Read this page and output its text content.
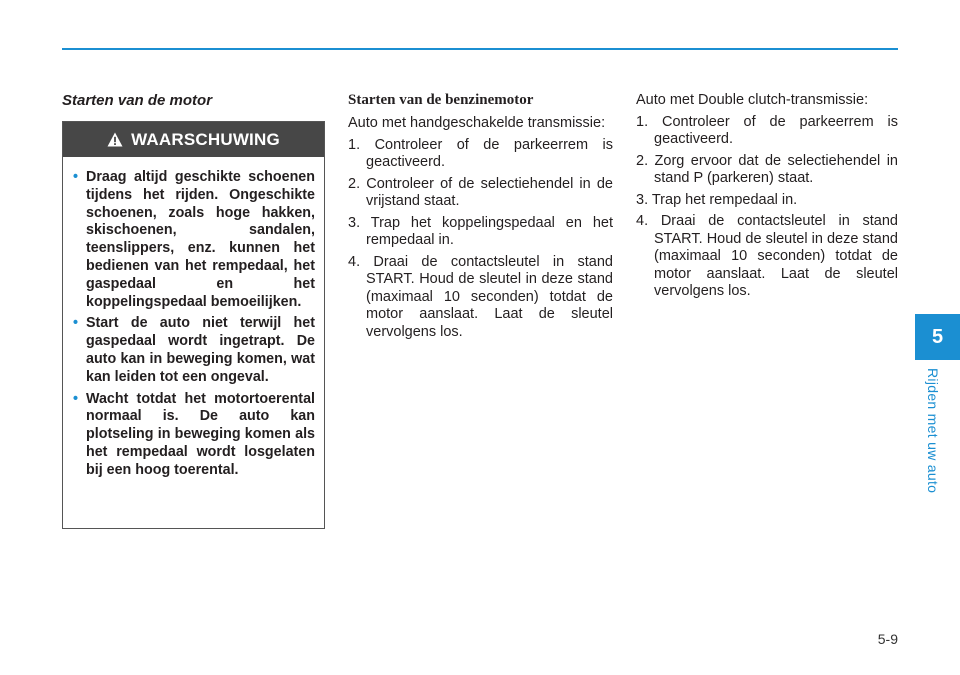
Starten van de motor
WAARSCHUWING
• Draag altijd geschikte schoenen tijdens het rijden. Ongeschikte schoenen, zoals hoge hakken, skischoenen, sandalen, teenslippers, enz. kunnen het bedienen van het rempedaal, het gaspedaal en het koppelingspedaal bemoeilijken.
• Start de auto niet terwijl het gaspedaal wordt ingetrapt. De auto kan in beweging komen, wat kan leiden tot een ongeval.
• Wacht totdat het motortoerental normaal is. De auto kan plotseling in beweging komen als het rempedaal wordt losgelaten bij een hoog toerental.
Starten van de benzinemotor

Auto met handgeschakelde transmissie:

1. Controleer of de parkeerrem is geactiveerd.
2. Controleer of de selectiehendel in de vrijstand staat.
3. Trap het koppelingspedaal en het rempedaal in.
4. Draai de contactsleutel in stand START. Houd de sleutel in deze stand (maximaal 10 seconden) totdat de motor aanslaat. Laat de sleutel vervolgens los.

Auto met Double clutch-transmissie:

1. Controleer of de parkeerrem is geactiveerd.
2. Zorg ervoor dat de selectiehendel in stand P (parkeren) staat.
3. Trap het rempedaal in.
4. Draai de contactsleutel in stand START. Houd de sleutel in deze stand (maximaal 10 seconden) totdat de motor aanslaat. Laat de sleutel vervolgens los.
5
Rijden met uw auto
5-9
